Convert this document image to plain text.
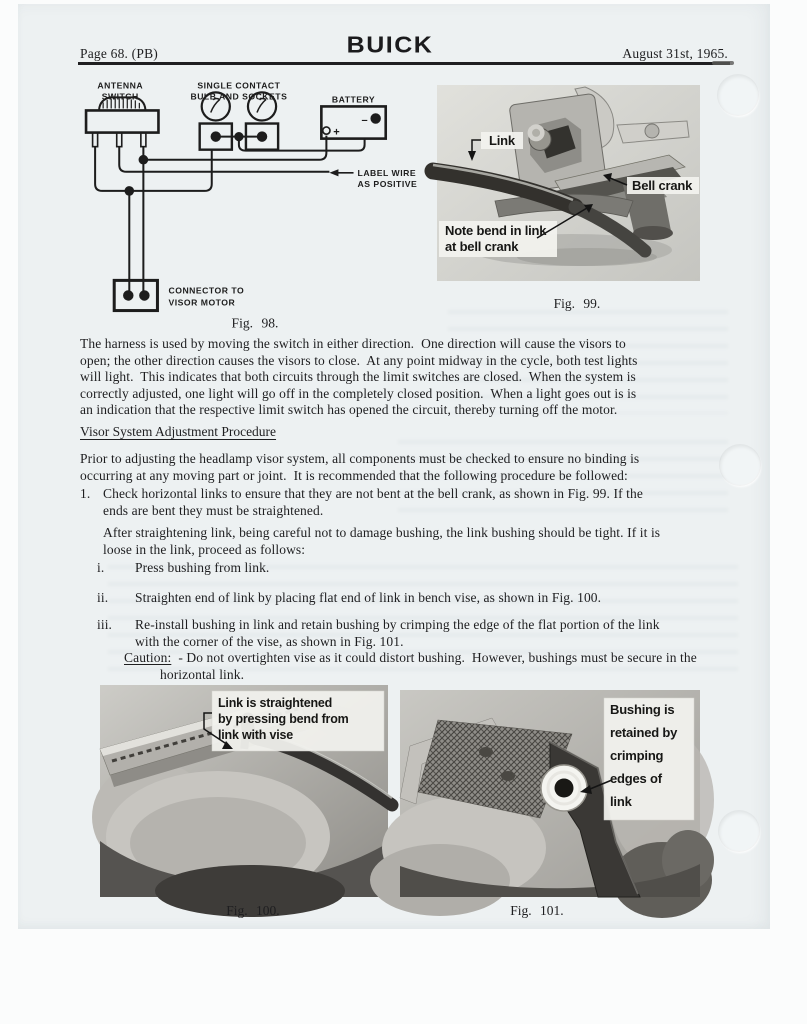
Page 68. (PB)	BUICK	August 31st, 1965.
ANTENNA
SWITCH
SINGLE CONTACT
BULB AND SOCKETS	BATTERY
–
+
LABEL WIRE
AS POSITIVE
CONNECTOR TO
VISOR MOTOR
Fig. 98.
Link
Bell crank
Note bend in link
at bell crank
Fig. 99.
The harness is used by moving the switch in either direction.  One direction will cause the visors to
open; the other direction causes the visors to close.  At any point midway in the cycle, both test lights
will light.  This indicates that both circuits through the limit switches are closed.  When the system is
correctly adjusted, one light will go off in the completely closed position.  When a light goes out is is
an indication that the respective limit switch has opened the circuit, thereby turning off the motor.
Visor System Adjustment Procedure
Prior to adjusting the headlamp visor system, all components must be checked to ensure no binding is
occurring at any moving part or joint.  It is recommended that the following procedure be followed:
1. Check horizontal links to ensure that they are not bent at the bell crank, as shown in Fig. 99. If the
ends are bent they must be straightened.
After straightening link, being careful not to damage bushing, the link bushing should be tight. If it is
loose in the link, proceed as follows:
i. Press bushing from link.
ii. Straighten end of link by placing flat end of link in bench vise, as shown in Fig. 100.
iii. Re-install bushing in link and retain bushing by crimping the edge of the flat portion of the link
with the corner of the vise, as shown in Fig. 101.
Caution: - Do not overtighten vise as it could distort bushing.  However, bushings must be secure in the
horizontal link.
Link is straightened
by pressing bend from
link with vise
Fig. 100.
Bushing is
retained by
crimping
edges of
link
Fig. 101.
